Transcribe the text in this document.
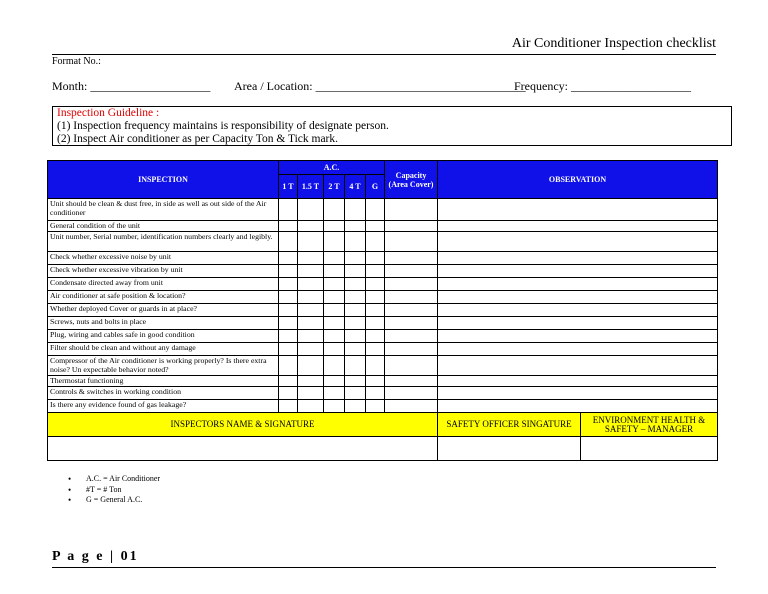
Air Conditioner Inspection checklist
Format No.:
Month: ____________________ Area / Location: ___________________________________
Frequency: ____________________
Inspection Guideline :
(1) Inspection frequency maintains is responsibility of designate person.
(2) Inspect Air conditioner as per Capacity Ton & Tick mark.
INSPECTION	A.C.					Capacity (Area Cover)	OBSERVATION	
	1 T	1.5 T	2 T	4 T	G			
Unit should be clean & dust free, in side as well as out side of the Air conditioner								
General condition of the unit								
Unit number, Serial number, identification numbers clearly and legibly.								
Check whether excessive noise by unit								
Check whether excessive vibration by unit								
Condensate directed away from unit								
Air conditioner at safe position & location?								
Whether deployed Cover or guards in at place?								
Screws, nuts and bolts in place								
Plug, wiring and cables safe in good condition								
Filter should be clean and without any damage								
Compressor of the Air conditioner is working properly? Is there extra noise? Un expectable behavior noted?								
Thermostat functioning								
Controls & switches in working condition								
Is there any evidence found of gas leakage?								
INSPECTORS NAME & SIGNATURE							SAFETY OFFICER SINGATURE	ENVIRONMENT HEALTH & SAFETY – MANAGER

• A.C. = Air Conditioner
• #T = # Ton
• G = General A.C.
P a g e | 01
